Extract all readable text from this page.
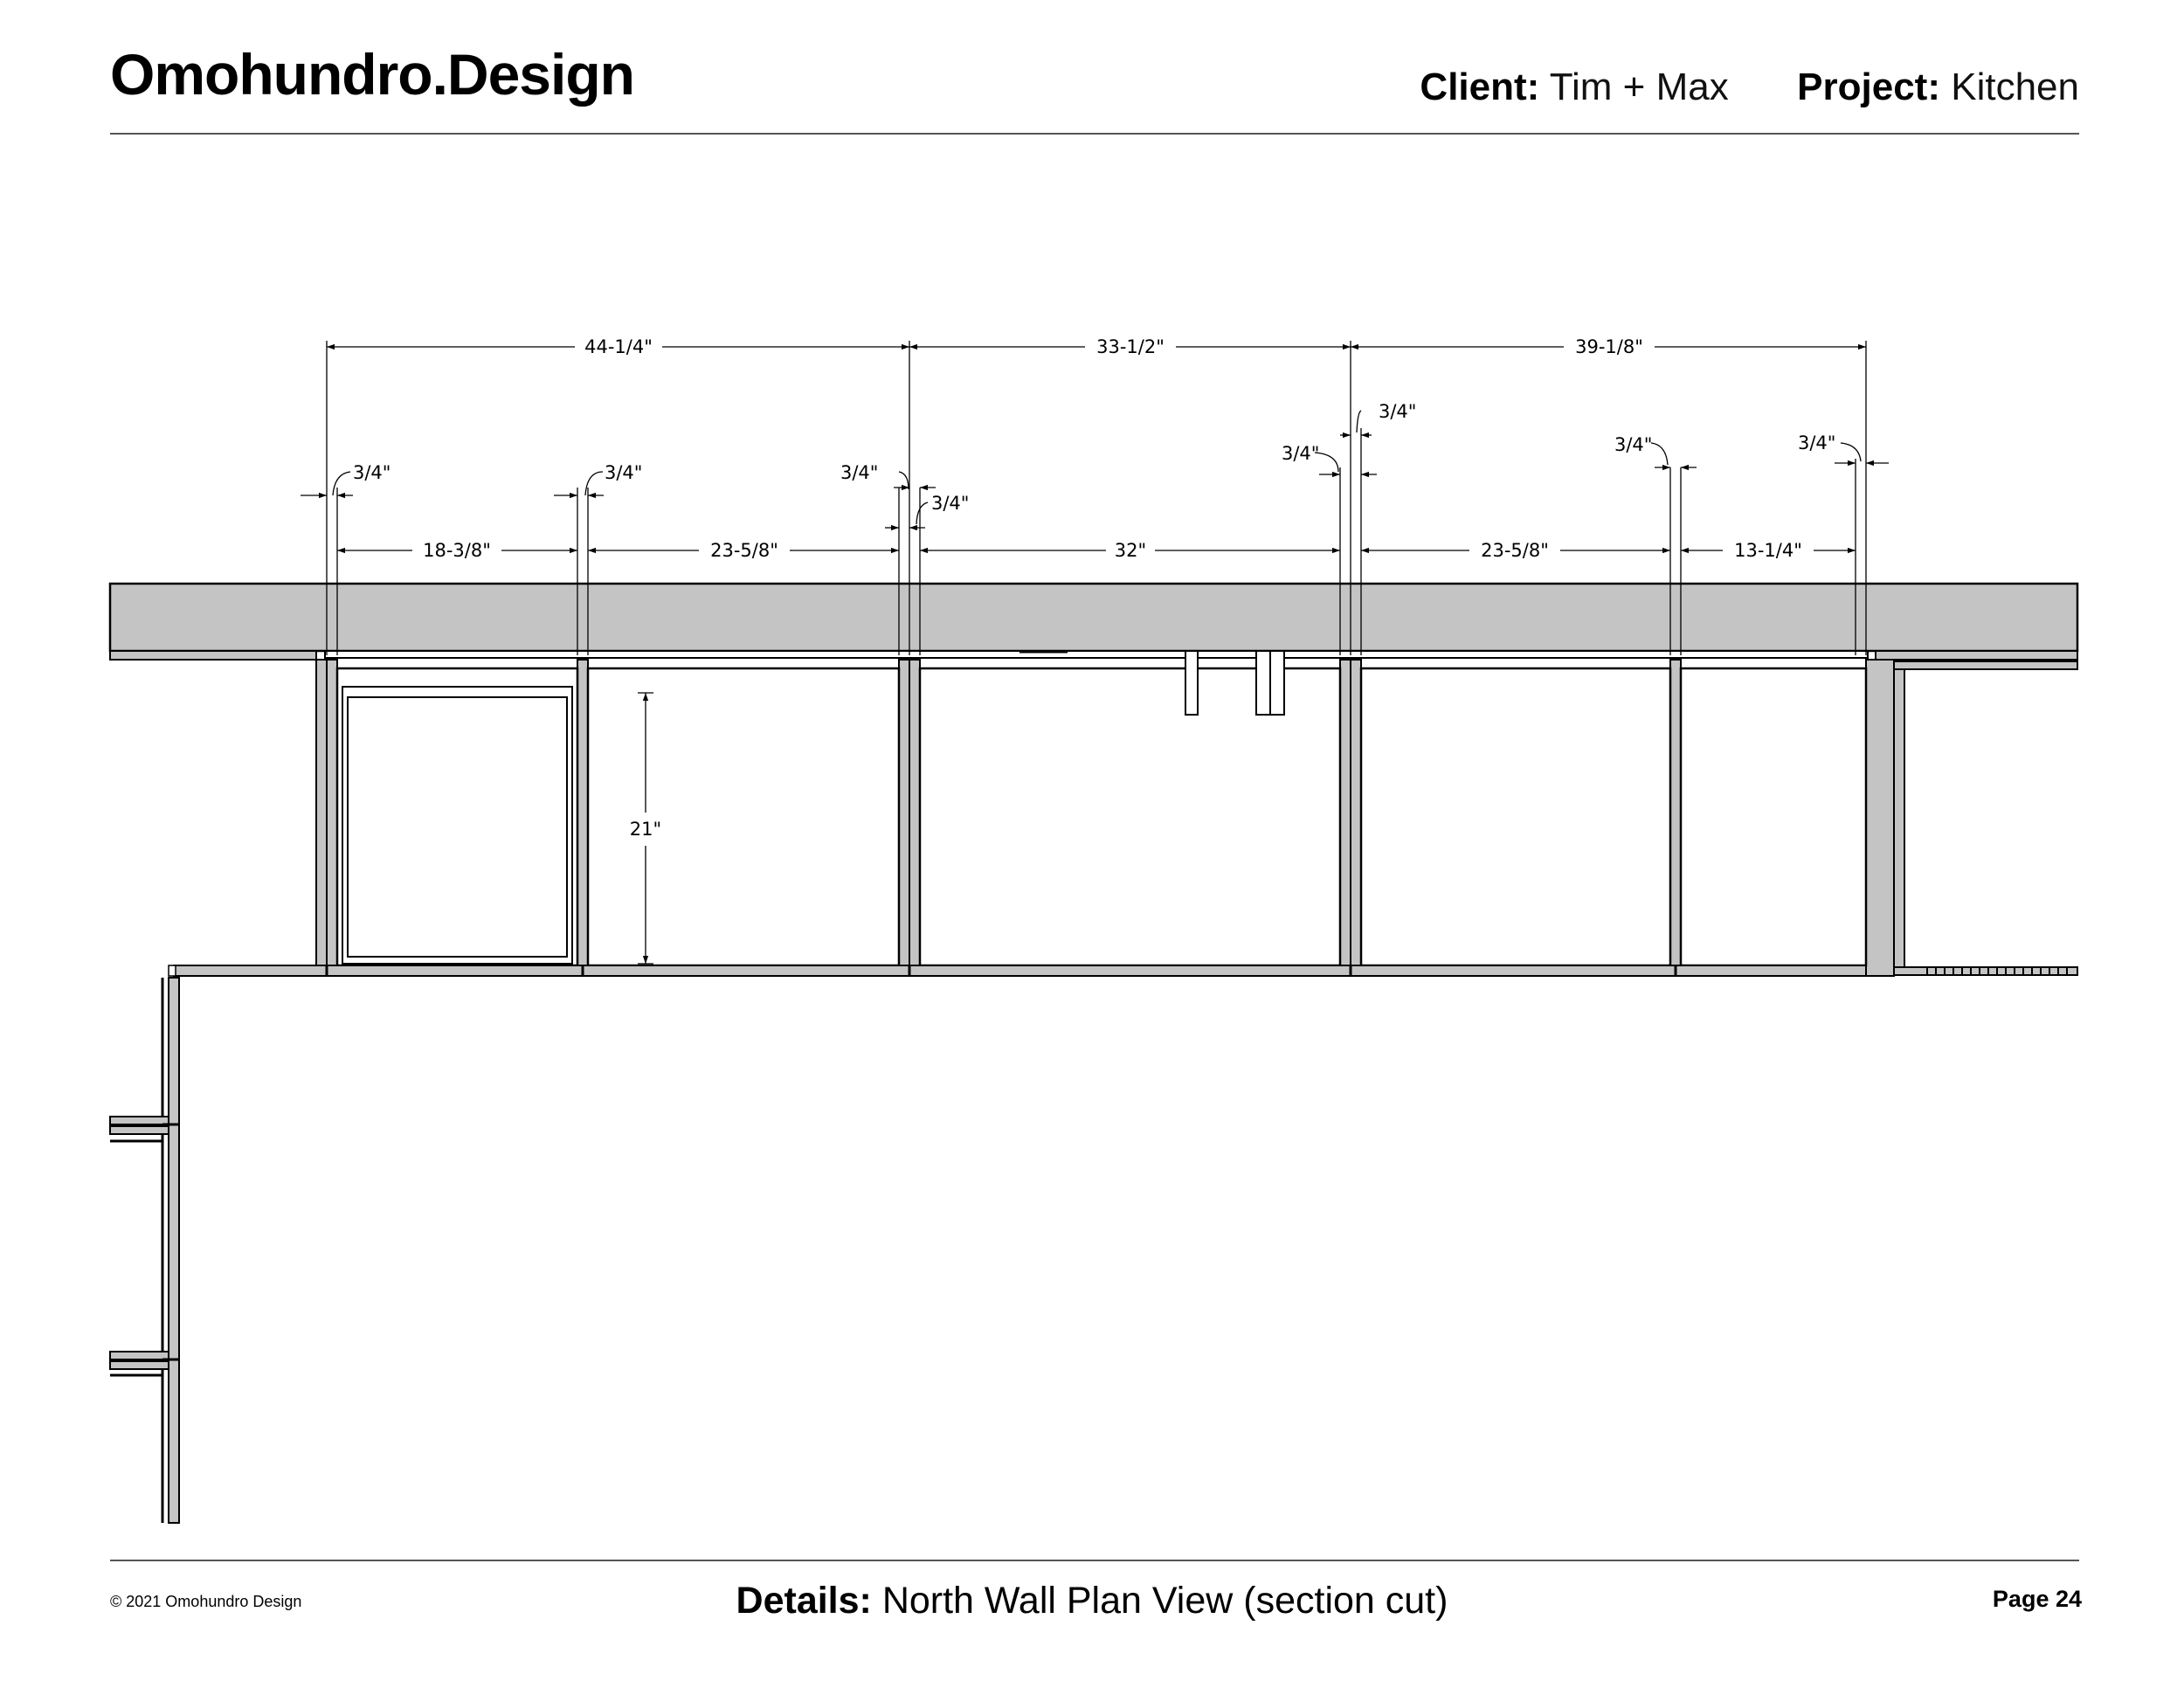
Omohundro.Design	Client: Tim + Max Project: Kitchen
44-1/4"	33-1/2"	39-1/8"
18-3/8"	23-5/8"	32"	23-5/8"	13-1/4"
3/4"	3/4"	3/4"
3/4"
3/4"
3/4"
3/4"	3/4"
21"
© 2021 Omohundro Design	Details: North Wall Plan View (section cut)	Page 24
